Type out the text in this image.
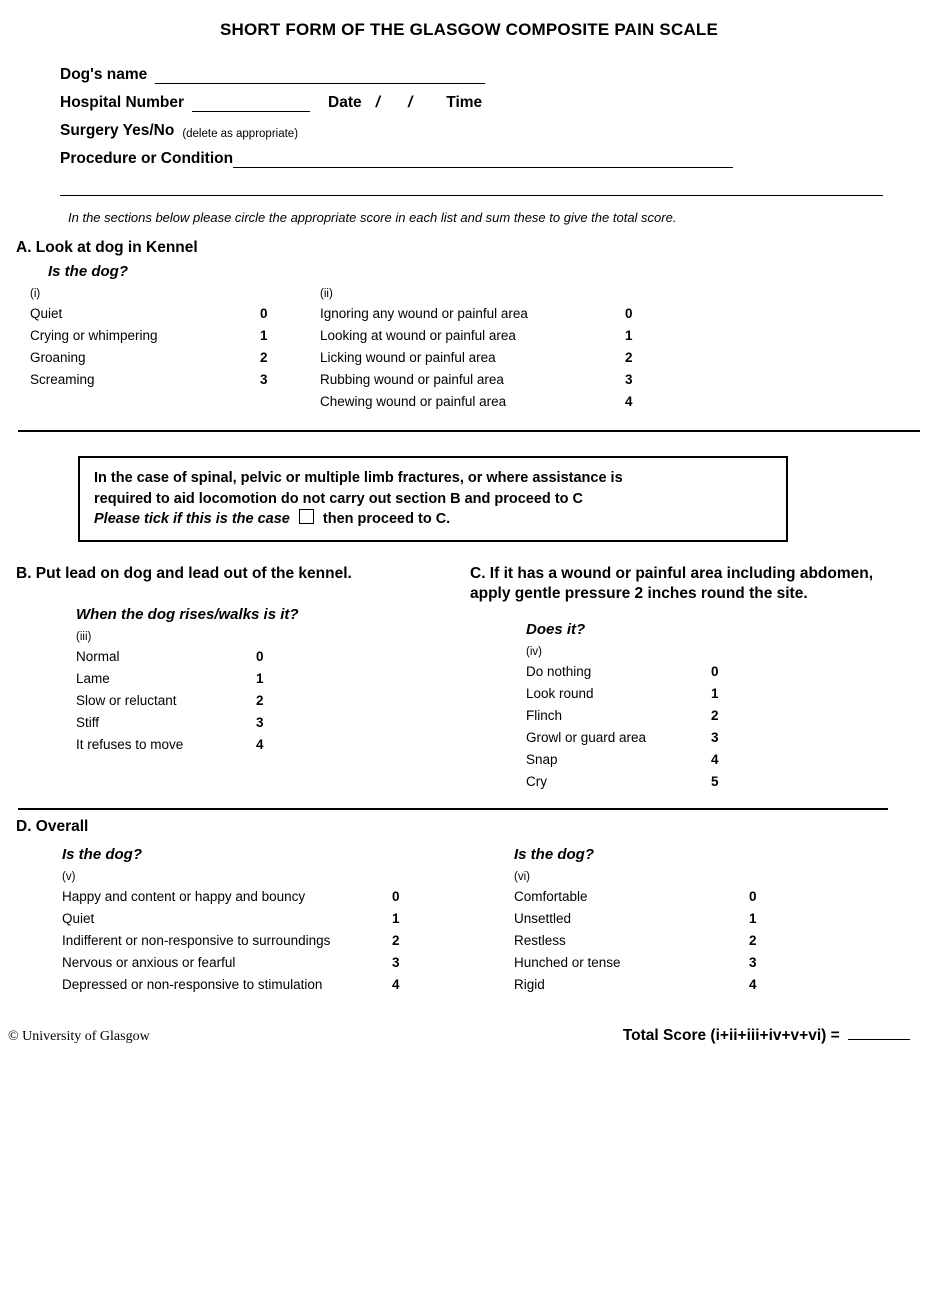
SHORT FORM OF THE GLASGOW COMPOSITE PAIN SCALE
Dog's name
Hospital Number	Date /	/	Time
Surgery Yes/No (delete as appropriate)
Procedure or Condition
In the sections below please circle the appropriate score in each list and sum these to give the total score.
A. Look at dog in Kennel
Is the dog?
(i)
Quiet	0
Crying or whimpering	1
Groaning	2
Screaming	3
(ii)
Ignoring any wound or painful area	0
Looking at wound or painful area	1
Licking wound or painful area	2
Rubbing wound or painful area	3
Chewing wound or painful area	4
In the case of spinal, pelvic or multiple limb fractures, or where assistance is
required to aid locomotion do not carry out section B and proceed to C
Please tick if this is the case then proceed to C.
B. Put lead on dog and lead out of the kennel.
When the dog rises/walks is it?
(iii)
Normal	0
Lame	1
Slow or reluctant	2
Stiff	3
It refuses to move	4
C. If it has a wound or painful area including abdomen, apply gentle pressure 2 inches round the site.
Does it?
(iv)
Do nothing	0
Look round	1
Flinch	2
Growl or guard area	3
Snap	4
Cry	5
D. Overall
Is the dog?
(v)
Happy and content or happy and bouncy	0
Quiet	1
Indifferent or non-responsive to surroundings	2
Nervous or anxious or fearful	3
Depressed or non-responsive to stimulation	4
Is the dog?
(vi)
Comfortable	0
Unsettled	1
Restless	2
Hunched or tense	3
Rigid	4
© University of Glasgow	Total Score (i+ii+iii+iv+v+vi) =
